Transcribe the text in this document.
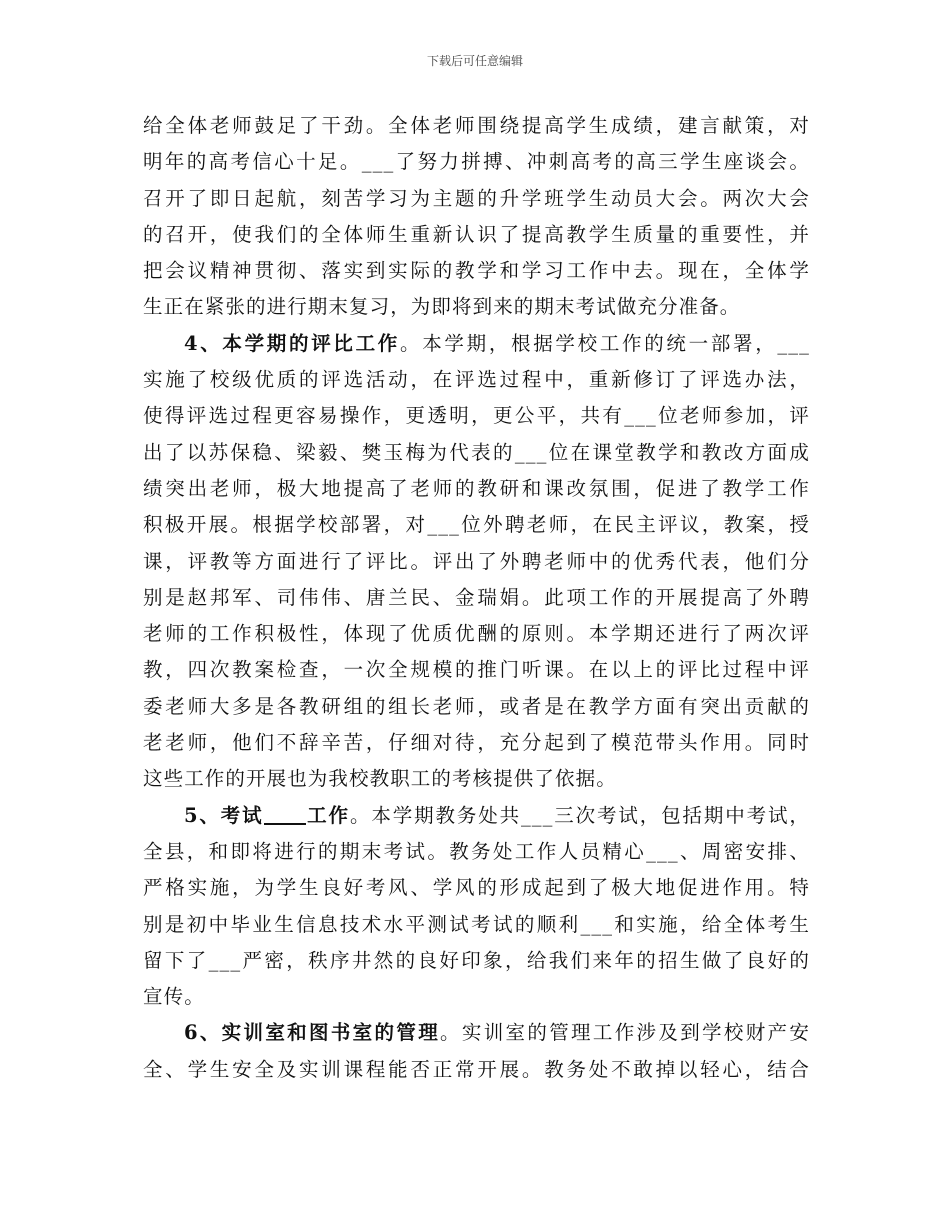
下载后可任意编辑

给全体老师鼓足了干劲。全体老师围绕提高学生成绩，建言献策，对
明年的高考信心十足。___了努力拼搏、冲刺高考的高三学生座谈会。
召开了即日起航，刻苦学习为主题的升学班学生动员大会。两次大会
的召开，使我们的全体师生重新认识了提高教学生质量的重要性，并
把会议精神贯彻、落实到实际的教学和学习工作中去。现在，全体学
生正在紧张的进行期末复习，为即将到来的期末考试做充分准备。

4、本学期的评比工作。本学期，根据学校工作的统一部署，___
实施了校级优质的评选活动，在评选过程中，重新修订了评选办法，
使得评选过程更容易操作，更透明，更公平，共有___位老师参加，评
出了以苏保稳、梁毅、樊玉梅为代表的___位在课堂教学和教改方面成
绩突出老师，极大地提高了老师的教研和课改氛围，促进了教学工作
积极开展。根据学校部署，对___位外聘老师，在民主评议，教案，授
课，评教等方面进行了评比。评出了外聘老师中的优秀代表，他们分
别是赵邦军、司伟伟、唐兰民、金瑞娟。此项工作的开展提高了外聘
老师的工作积极性，体现了优质优酬的原则。本学期还进行了两次评
教，四次教案检查，一次全规模的推门听课。在以上的评比过程中评
委老师大多是各教研组的组长老师，或者是在教学方面有突出贡献的
老老师，他们不辞辛苦，仔细对待，充分起到了模范带头作用。同时
这些工作的开展也为我校教职工的考核提供了依据。

5、考试 工作。本学期教务处共___三次考试，包括期中考试，
全县，和即将进行的期末考试。教务处工作人员精心___、周密安排、
严格实施，为学生良好考风、学风的形成起到了极大地促进作用。特
别是初中毕业生信息技术水平测试考试的顺利___和实施，给全体考生
留下了___严密，秩序井然的良好印象，给我们来年的招生做了良好的
宣传。

6、实训室和图书室的管理。实训室的管理工作涉及到学校财产安
全、学生安全及实训课程能否正常开展。教务处不敢掉以轻心，结合
